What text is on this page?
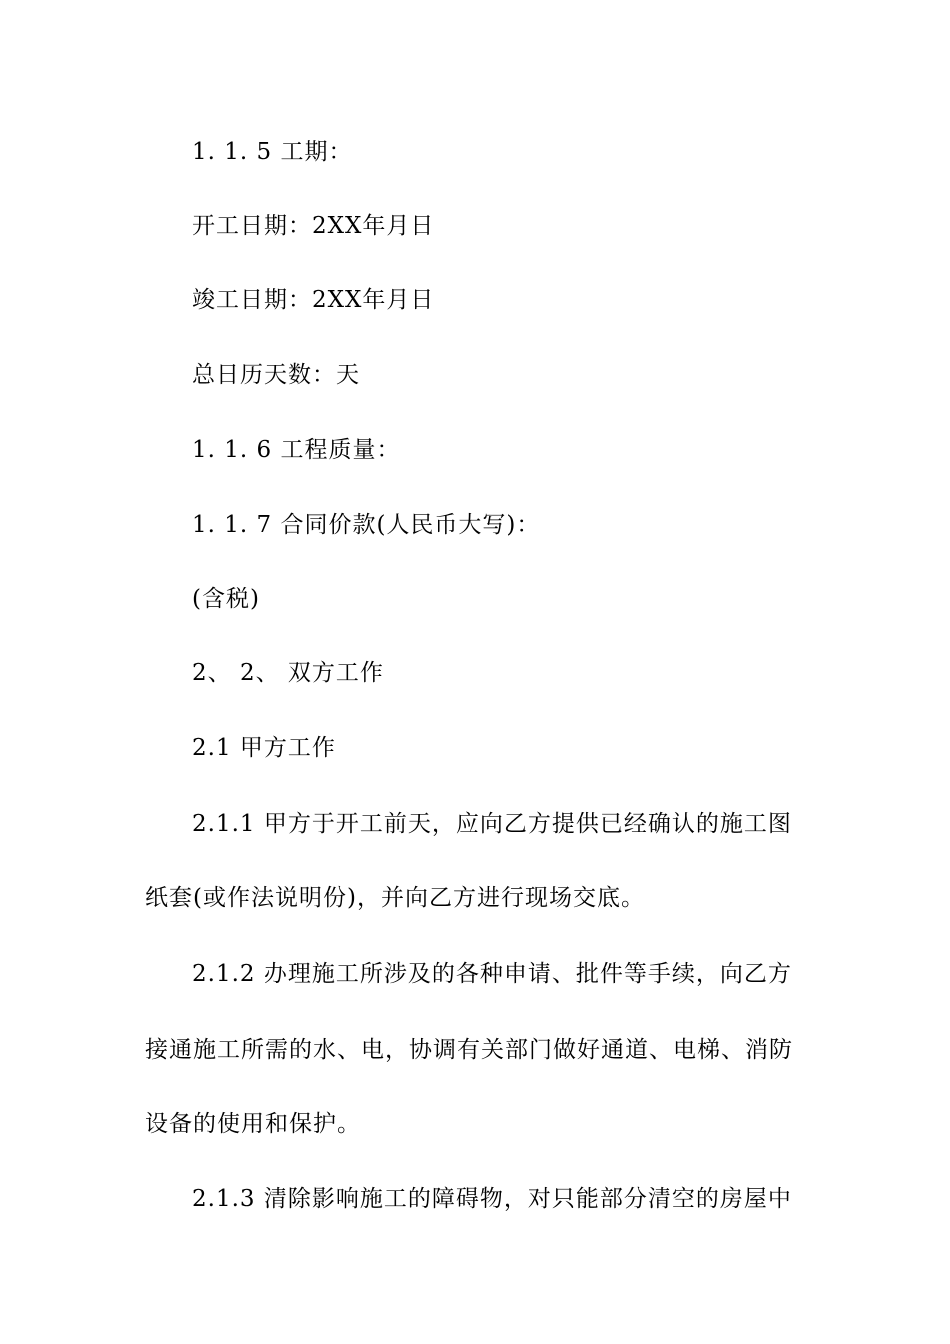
1. 1. 5 工期：
开工日期：2XX年月日
竣工日期：2XX年月日
总日历天数：天
1. 1. 6 工程质量：
1. 1. 7 合同价款(人民币大写)：
(含税)
2、 2、 双方工作
2.1 甲方工作
2.1.1 甲方于开工前天，应向乙方提供已经确认的施工图
纸套(或作法说明份)，并向乙方进行现场交底。
2.1.2 办理施工所涉及的各种申请、批件等手续，向乙方
接通施工所需的水、电，协调有关部门做好通道、电梯、消防
设备的使用和保护。
2.1.3 清除影响施工的障碍物，对只能部分清空的房屋中
